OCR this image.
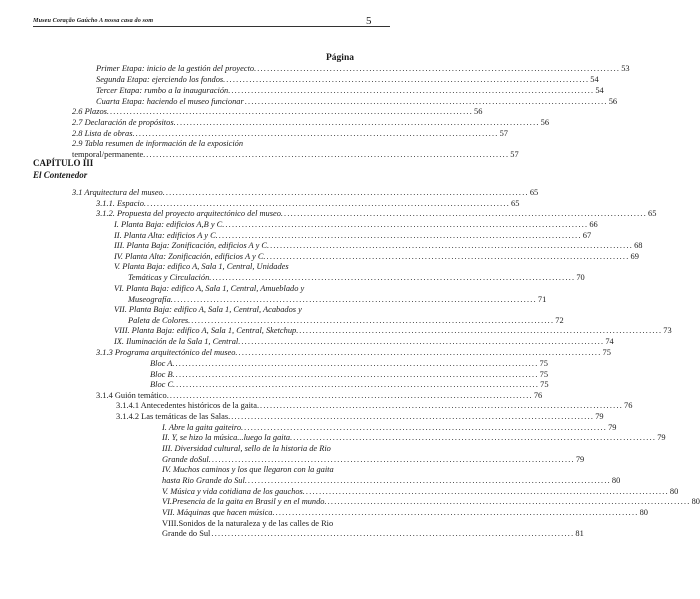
Museu Coração Gaúcho A nossa casa do som	5
Página
Primer Etapa: inicio de la gestión del proyecto. .............................................................................................................. 53
Segunda Etapa: ejerciendo los fondos. .............................................................................................................. 54
Tercer Etapa: rumbo a la inauguración. .............................................................................................................. 54
Cuarta Etapa: haciendo el museo funcionar .............................................................................................................. 56
2.6 Plazos. .............................................................................................................. 56
2.7 Declaración de propósitos. .............................................................................................................. 56
2.8 Lista de obras. .............................................................................................................. 57
2.9 Tabla resumen de información de la exposición
temporal/permanente. .............................................................................................................. 57
3.1 Arquitectura del museo. .............................................................................................................. 65
3.1.1. Espacio. .............................................................................................................. 65
3.1.2. Propuesta del proyecto arquitectónico del museo. .............................................................................................................. 65
I. Planta Baja: edificios A,B y C. .............................................................................................................. 66
II. Planta Alta: edificios A y C. .............................................................................................................. 67
III. Planta Baja: Zonificación, edificios A y C. .............................................................................................................. 68
IV. Planta Alta: Zonificación, edificios A y C. .............................................................................................................. 69
V. Planta Baja: edifico A, Sala 1, Central, Unidades
Temáticas y Circulación. .............................................................................................................. 70
VI. Planta Baja: edifico A, Sala 1, Central, Amueblado y
Museografía. .............................................................................................................. 71
VII. Planta Baja: edifico A, Sala 1, Central, Acabados y
Paleta de Colores. .............................................................................................................. 72
VIII. Planta Baja: edifico A, Sala 1, Central, Sketchup. .............................................................................................................. 73
IX. Iluminación de la Sala 1, Central. .............................................................................................................. 74
3.1.3 Programa arquitectónico del museo. .............................................................................................................. 75
Bloc A. .............................................................................................................. 75
Bloc B. .............................................................................................................. 75
Bloc C. .............................................................................................................. 75
3.1.4 Guión temático. .............................................................................................................. 76
3.1.4.1 Antecedentes históricos de la gaita. .............................................................................................................. 76
3.1.4.2 Las temáticas de las Salas. .............................................................................................................. 79
I. Abre la gaita gaiteiro. .............................................................................................................. 79
II. Y, se hizo la música...luego la gaita. .............................................................................................................. 79
III. Diversidad cultural, sello de la historia de Rio
Grande doSul. .............................................................................................................. 79
IV. Muchos caminos y los que llegaron con la gaita
hasta Rio Grande do Sul. .............................................................................................................. 80
V. Música y vida cotidiana de los gauchos. .............................................................................................................. 80
VI.Presencia de la gaita en Brasil y en el mundo. .............................................................................................................. 80
VII. Máquinas que hacen música. .............................................................................................................. 80
VIII.Sonidos de la naturaleza y de las calles de Rio
Grande do Sul .............................................................................................................. 81
CAPÍTULO III
El Contenedor
